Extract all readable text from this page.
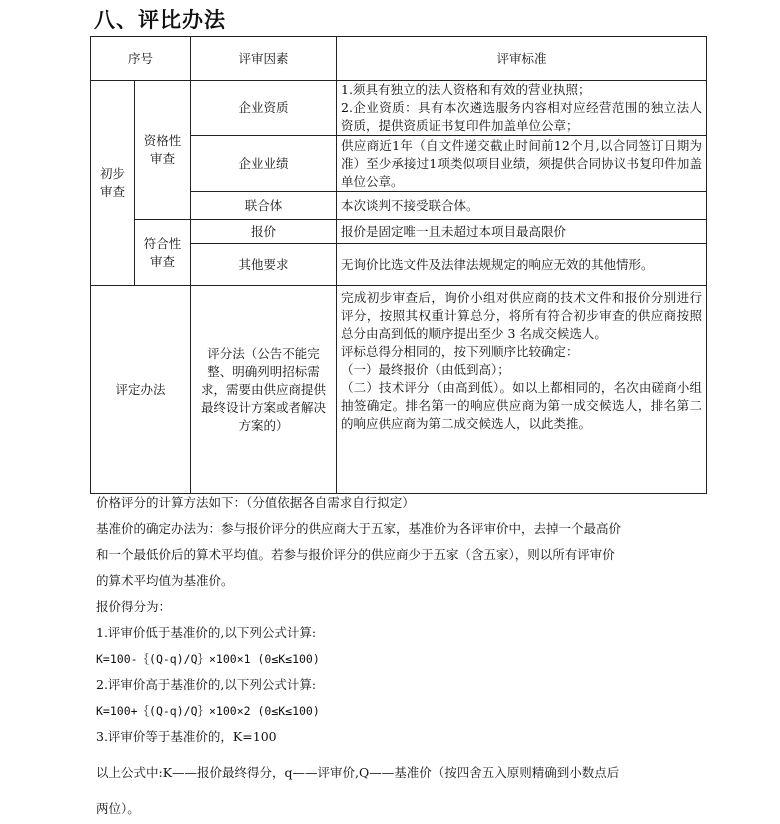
八、评比办法
序号		评审因素	评审标准
初步审查	资格性审查	企业资质	1.须具有独立的法人资格和有效的营业执照；
2.企业资质：具有本次遴选服务内容相对应经营范围的独立法人资质，提供资质证书复印件加盖单位公章；
		企业业绩	供应商近1年（自文件递交截止时间前12个月,以合同签订日期为准）至少承接过1项类似项目业绩，须提供合同协议书复印件加盖单位公章。
		联合体	本次谈判不接受联合体。
	符合性审查	报价	报价是固定唯一且未超过本项目最高限价
		其他要求	无询价比选文件及法律法规规定的响应无效的其他情形。
评定办法		评分法（公告不能完整、明确列明招标需求，需要由供应商提供最终设计方案或者解决方案的）	完成初步审查后，询价小组对供应商的技术文件和报价分别进行评分，按照其权重计算总分，将所有符合初步审查的供应商按照总分由高到低的顺序提出至少 3 名成交候选人。
评标总得分相同的，按下列顺序比较确定：
（一）最终报价（由低到高）；
（二）技术评分（由高到低）。如以上都相同的，名次由磋商小组抽签确定。排名第一的响应供应商为第一成交候选人，排名第二的响应供应商为第二成交候选人，以此类推。
价格评分的计算方法如下：（分值依据各自需求自行拟定）
基准价的确定办法为：参与报价评分的供应商大于五家，基准价为各评审价中，去掉一个最高价
和一个最低价后的算术平均值。若参与报价评分的供应商少于五家（含五家），则以所有评审价
的算术平均值为基准价。
报价得分为：
1.评审价低于基准价的,以下列公式计算:
K=100-｛(Q-q)/Q｝×100×1 (0≤K≤100)
2.评审价高于基准价的,以下列公式计算:
K=100+｛(Q-q)/Q｝×100×2 (0≤K≤100)
3.评审价等于基准价的，K=100
以上公式中:K——报价最终得分，q——评审价,Q——基准价（按四舍五入原则精确到小数点后
两位）。
